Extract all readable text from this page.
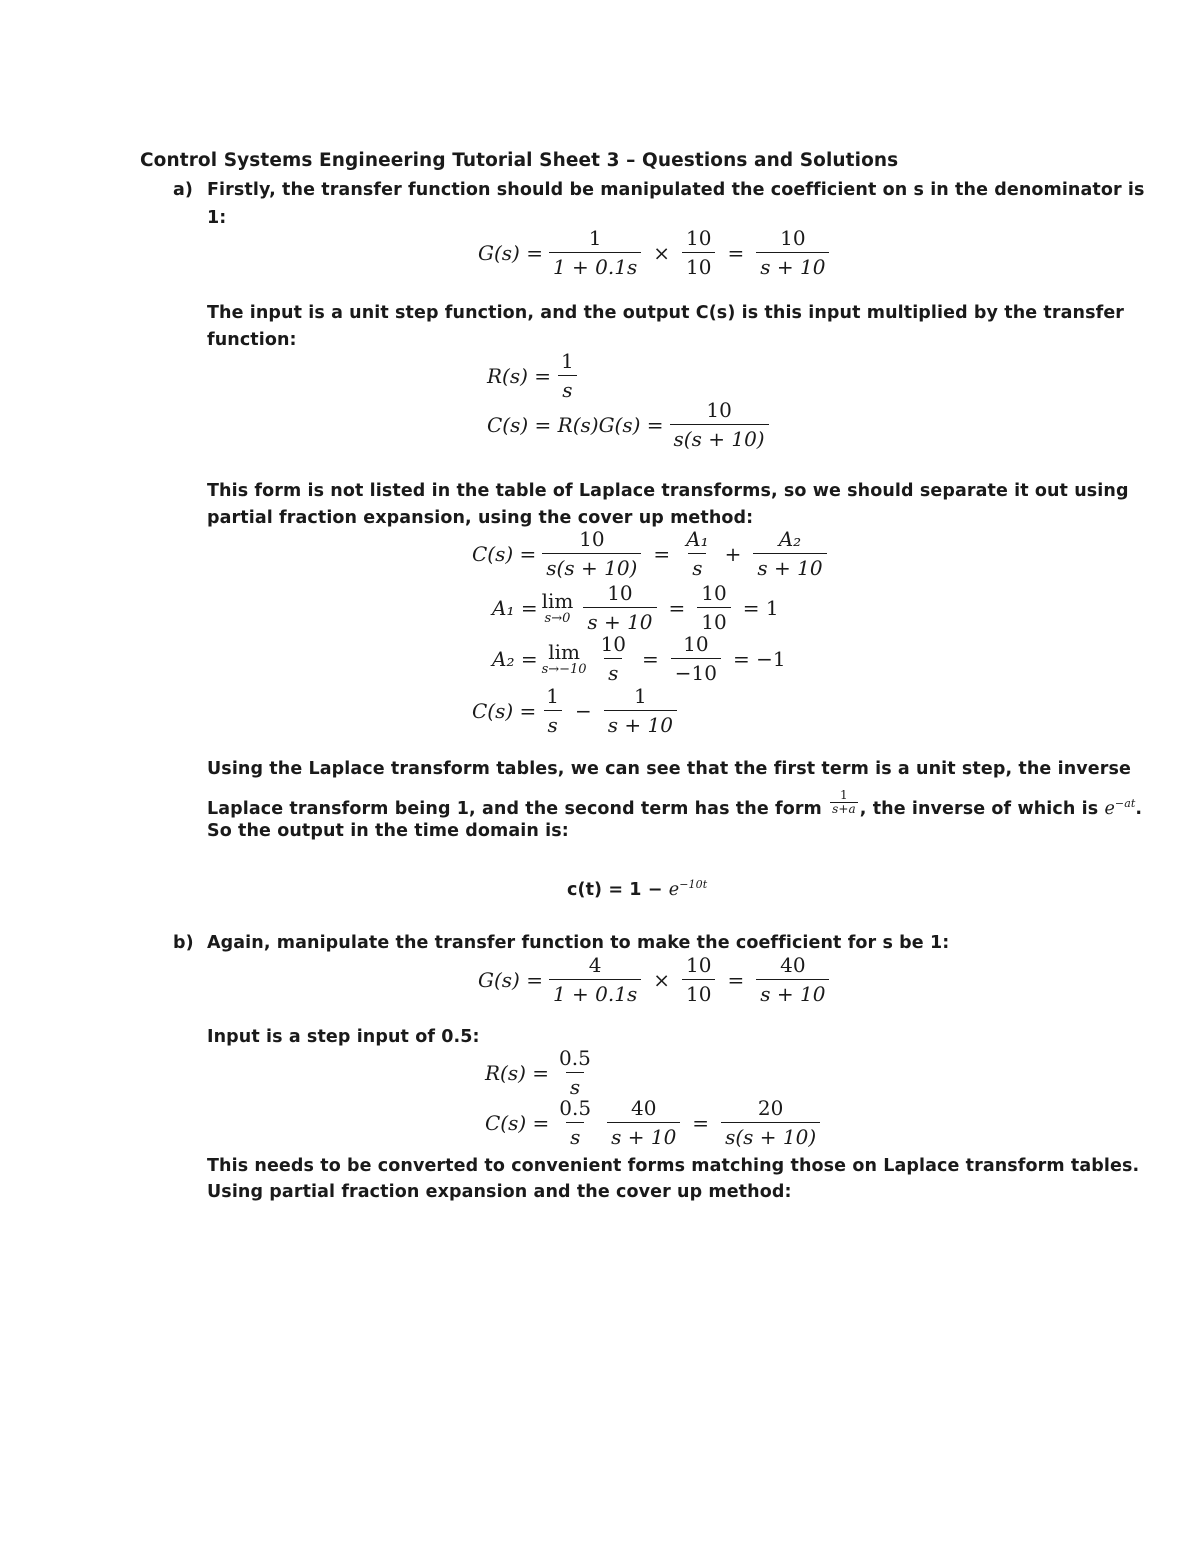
Control Systems Engineering Tutorial Sheet 3 – Questions and Solutions
a) Firstly, the transfer function should be manipulated the coefficient on s in the denominator is
1:
$G(s) = \frac{1}{1 + 0.1s} \times \frac{10}{10} = \frac{10}{s + 10}$
The input is a unit step function, and the output C(s) is this input multiplied by the transfer
function:
$R(s) = \frac{1}{s}$
$C(s) = R(s)G(s) = \frac{10}{s(s + 10)}$
This form is not listed in the table of Laplace transforms, so we should separate it out using
partial fraction expansion, using the cover up method:
$C(s) = \frac{10}{s(s + 10)} = \frac{\text{A₁}}{s} + \frac{\text{A₂}}{s + 10}$
A₁ = lim
$s\to 0 \frac{10}{s + 10} = \frac{10}{10} = 1$
A₂ = lim
$s\to-10 \frac{10}{s} = \frac{10}{-10} = -1$
$C(s) = \frac{1}{s} - \frac{1}{s + 10}$
Using the Laplace transform tables, we can see that the first term is a unit step, the inverse
Laplace transform being 1, and the second term has the form $\frac{1}{s+a}$ , the inverse of which is $e^{-at}$.
So the output in the time domain is:
$c(t) = 1 - e^{-10t}$
b) Again, manipulate the transfer function to make the coefficient for s be 1:
$G(s) = \frac{4}{1 + 0.1s} \times \frac{10}{10} = \frac{40}{s + 10}$
Input is a step input of 0.5:
$R(s) = \frac{0.5}{s}$
$C(s) = \frac{0.5}{s} \frac{40}{s + 10} = \frac{20}{s(s + 10)}$
This needs to be converted to convenient forms matching those on Laplace transform tables.
Using partial fraction expansion and the cover up method:
